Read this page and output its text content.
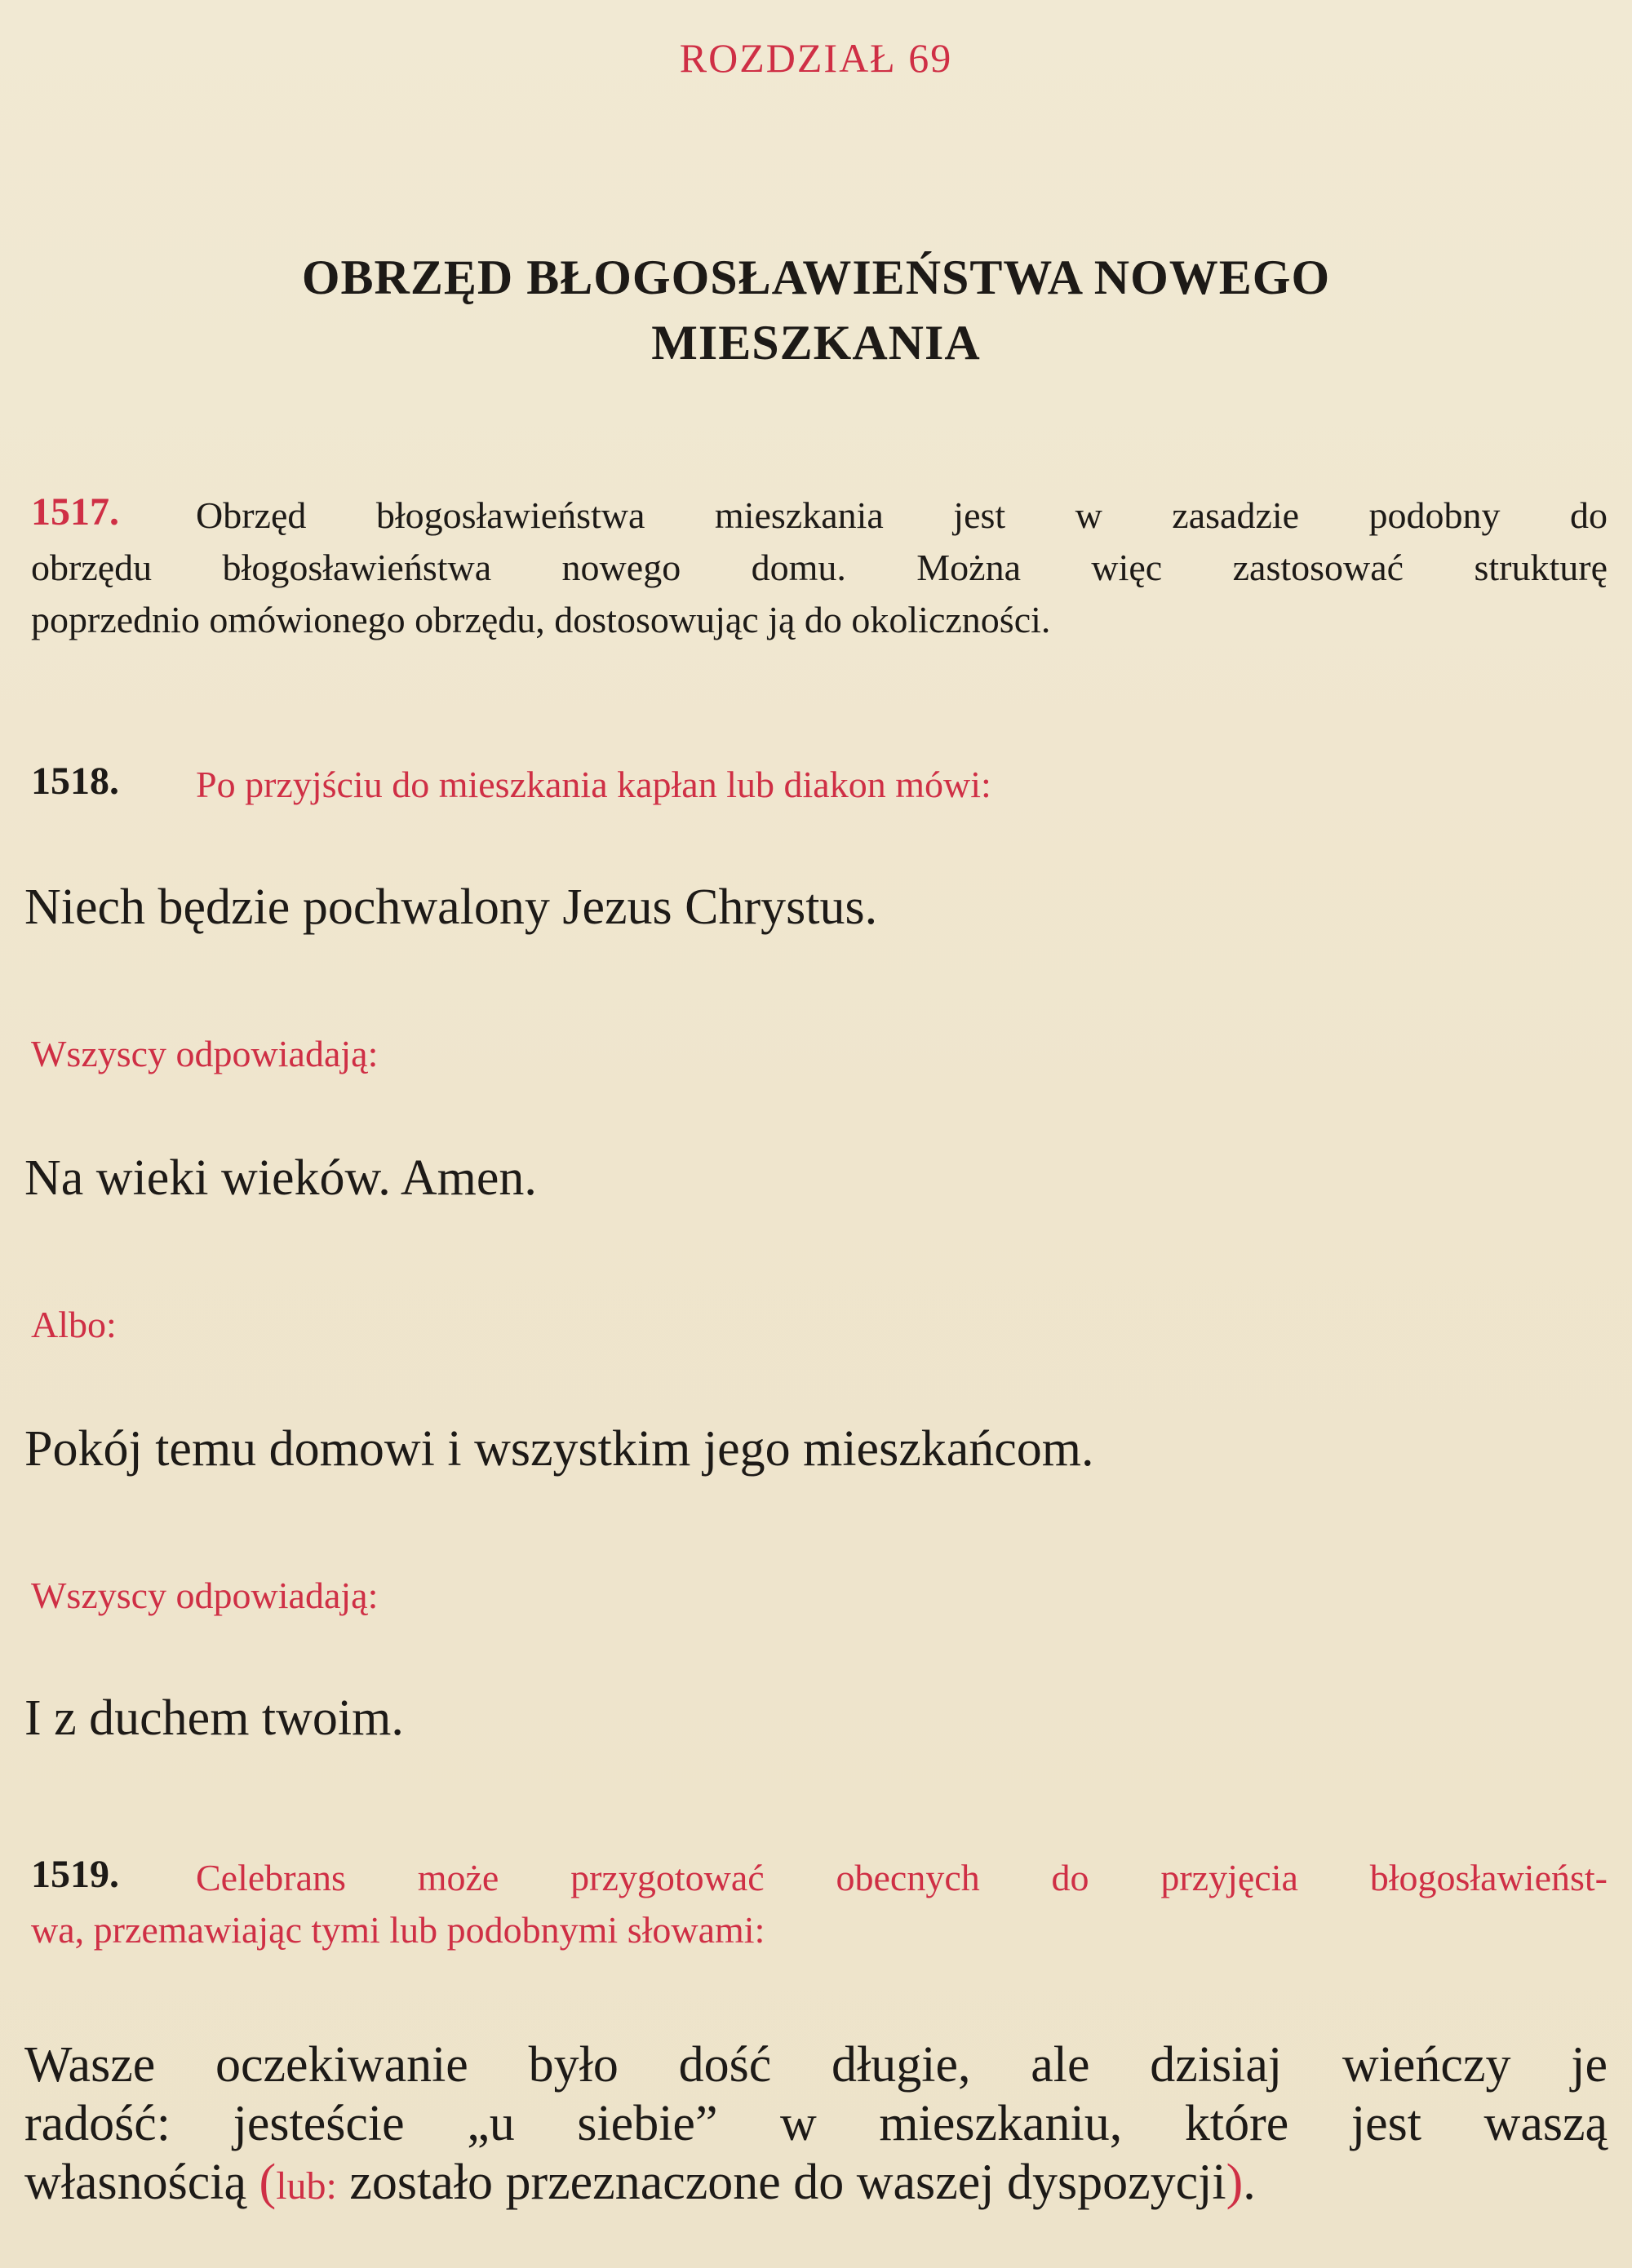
ROZDZIAŁ 69
OBRZĘD BŁOGOSŁAWIEŃSTWA NOWEGO
MIESZKANIA
1517. Obrzęd błogosławieństwa mieszkania jest w zasadzie podobny do
obrzędu błogosławieństwa nowego domu. Można więc zastosować strukturę
poprzednio omówionego obrzędu, dostosowując ją do okoliczności.
1518. Po przyjściu do mieszkania kapłan lub diakon mówi:
Niech będzie pochwalony Jezus Chrystus.
Wszyscy odpowiadają:
Na wieki wieków. Amen.
Albo:
Pokój temu domowi i wszystkim jego mieszkańcom.
Wszyscy odpowiadają:
I z duchem twoim.
1519. Celebrans może przygotować obecnych do przyjęcia błogosławieńst-
wa, przemawiając tymi lub podobnymi słowami:
Wasze oczekiwanie było dość długie, ale dzisiaj wieńczy je
radość: jesteście „u siebie” w mieszkaniu, które jest waszą
własnością (lub: zostało przeznaczone do waszej dyspozycji).
